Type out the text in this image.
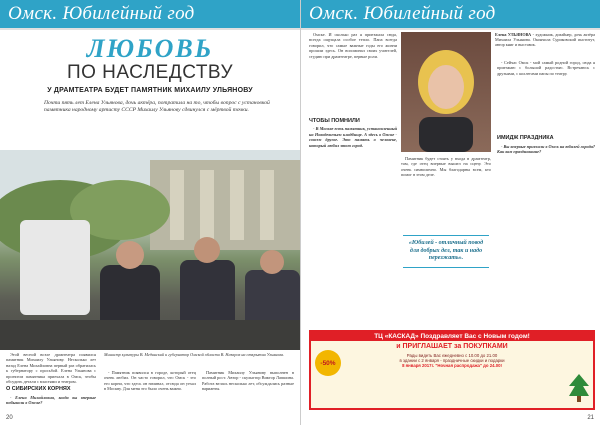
Омск. Юбилейный год
ЛЮБОВЬ
ПО НАСЛЕДСТВУ
У ДРАМТЕАТРА БУДЕТ ПАМЯТНИК МИХАИЛУ УЛЬЯНОВУ
Почти пять лет Елена Ульянова, дочь актёра, потратила на то, чтобы вопрос с установкой памятника народному артисту СССР Михаилу Ульянову сдвинулся с мёртвой точки.

Этой весной возле драмтеатра появился памятник Михаилу Ульянову. Несколько лет назад Елена Михайловна первый раз обратилась к губернатору с просьбой. Елена Ульянова с проектом памятника приехала в Омск, чтобы обсудить детали с властями и театром.

О СИБИРСКИХ КОРНЯХ

- Елена Михайловна, когда вы впервые побывали в Омске?

Министр культуры В. Мединский и губернатор Омской области В. Назаров на открытии Ульянова.

- Памятник появился в городе, который отец очень любил. Он часто говорил, что Омск - это его корни, что здесь он начинал, отсюда он уехал в Москву. Для меня это было очень важно.

Памятник Михаилу Ульянову выполнен в полный рост. Автор - скульптор Виктор Лапшина. Работа велась несколько лет, обсуждались разные варианты.

20
Омск. Юбилейный год

Омске. И сколько раз я приезжала сюда, всегда ощущала особое тепло. Папа всегда говорил, что самые важные годы его жизни прошли здесь. Он вспоминал своих учителей, студию при драмтеатре, первые роли.

ЧТОБЫ ПОМНИЛИ

- В Москве есть памятник, установленный на Новодевичьем кладбище. А здесь в Омске - совсем другое. Это память о человеке, который любил этот город.

Елена УЛЬЯНОВА - художник, дизайнер, дочь актёра Михаила Ульянова. Окончила Суриковский институт, автор книг и выставок.

Памятник будет стоять у входа в драмтеатр, там, где отец впервые вышел на сцену. Это очень символично. Мы благодарны всем, кто помог в этом деле.

«Юбилей - отличный повод для добрых дел, так и надо перезжать».

- Сейчас Омск - мой самый родной город, сюда я приезжаю с большой радостью. Встречаюсь с друзьями, с коллегами папы по театру.

ИМИДЖ ПРАЗДНИКА

- Вы впервые приехали в Омск на юбилей города? Как вам празднование?

ТЦ «КАСКАД» Поздравляет Вас с Новым годом!
и ПРИГЛАШАЕТ за ПОКУПКАМИ
Рады видеть Вас ежедневно с 10.00 до 21.00
в здании с 2 января - праздничные скидки и подарки
8 января 2017г. "Ночная распродажа" до 24.00!
-50%
21
